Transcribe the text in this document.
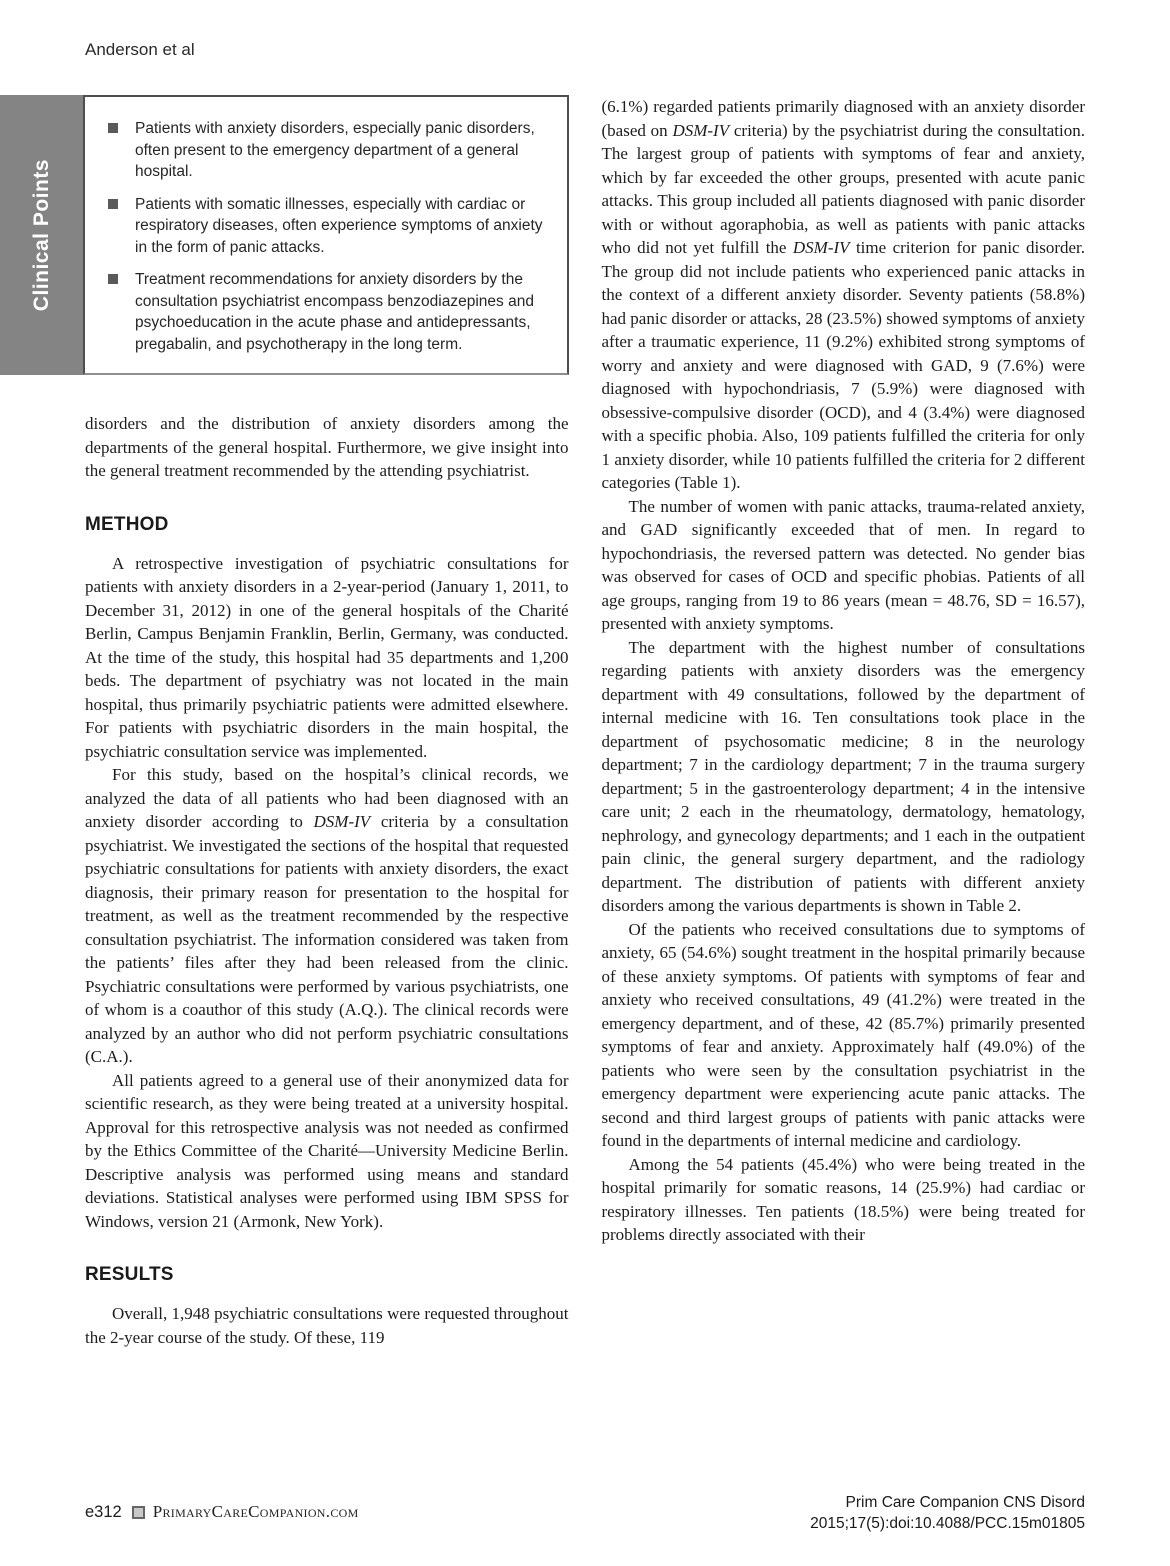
Anderson et al
Clinical Points
Patients with anxiety disorders, especially panic disorders, often present to the emergency department of a general hospital.
Patients with somatic illnesses, especially with cardiac or respiratory diseases, often experience symptoms of anxiety in the form of panic attacks.
Treatment recommendations for anxiety disorders by the consultation psychiatrist encompass benzodiazepines and psychoeducation in the acute phase and antidepressants, pregabalin, and psychotherapy in the long term.

disorders and the distribution of anxiety disorders among the departments of the general hospital. Furthermore, we give insight into the general treatment recommended by the attending psychiatrist.

METHOD

A retrospective investigation of psychiatric consultations for patients with anxiety disorders in a 2-year-period (January 1, 2011, to December 31, 2012) in one of the general hospitals of the Charité Berlin, Campus Benjamin Franklin, Berlin, Germany, was conducted. At the time of the study, this hospital had 35 departments and 1,200 beds. The department of psychiatry was not located in the main hospital, thus primarily psychiatric patients were admitted elsewhere. For patients with psychiatric disorders in the main hospital, the psychiatric consultation service was implemented.

For this study, based on the hospital’s clinical records, we analyzed the data of all patients who had been diagnosed with an anxiety disorder according to DSM-IV criteria by a consultation psychiatrist. We investigated the sections of the hospital that requested psychiatric consultations for patients with anxiety disorders, the exact diagnosis, their primary reason for presentation to the hospital for treatment, as well as the treatment recommended by the respective consultation psychiatrist. The information considered was taken from the patients’ files after they had been released from the clinic. Psychiatric consultations were performed by various psychiatrists, one of whom is a coauthor of this study (A.Q.). The clinical records were analyzed by an author who did not perform psychiatric consultations (C.A.).

All patients agreed to a general use of their anonymized data for scientific research, as they were being treated at a university hospital. Approval for this retrospective analysis was not needed as confirmed by the Ethics Committee of the Charité—University Medicine Berlin. Descriptive analysis was performed using means and standard deviations. Statistical analyses were performed using IBM SPSS for Windows, version 21 (Armonk, New York).

RESULTS

Overall, 1,948 psychiatric consultations were requested throughout the 2-year course of the study. Of these, 119

(6.1%) regarded patients primarily diagnosed with an anxiety disorder (based on DSM-IV criteria) by the psychiatrist during the consultation. The largest group of patients with symptoms of fear and anxiety, which by far exceeded the other groups, presented with acute panic attacks. This group included all patients diagnosed with panic disorder with or without agoraphobia, as well as patients with panic attacks who did not yet fulfill the DSM-IV time criterion for panic disorder. The group did not include patients who experienced panic attacks in the context of a different anxiety disorder. Seventy patients (58.8%) had panic disorder or attacks, 28 (23.5%) showed symptoms of anxiety after a traumatic experience, 11 (9.2%) exhibited strong symptoms of worry and anxiety and were diagnosed with GAD, 9 (7.6%) were diagnosed with hypochondriasis, 7 (5.9%) were diagnosed with obsessive-compulsive disorder (OCD), and 4 (3.4%) were diagnosed with a specific phobia. Also, 109 patients fulfilled the criteria for only 1 anxiety disorder, while 10 patients fulfilled the criteria for 2 different categories (Table 1).

The number of women with panic attacks, trauma-related anxiety, and GAD significantly exceeded that of men. In regard to hypochondriasis, the reversed pattern was detected. No gender bias was observed for cases of OCD and specific phobias. Patients of all age groups, ranging from 19 to 86 years (mean = 48.76, SD = 16.57), presented with anxiety symptoms.

The department with the highest number of consultations regarding patients with anxiety disorders was the emergency department with 49 consultations, followed by the department of internal medicine with 16. Ten consultations took place in the department of psychosomatic medicine; 8 in the neurology department; 7 in the cardiology department; 7 in the trauma surgery department; 5 in the gastroenterology department; 4 in the intensive care unit; 2 each in the rheumatology, dermatology, hematology, nephrology, and gynecology departments; and 1 each in the outpatient pain clinic, the general surgery department, and the radiology department. The distribution of patients with different anxiety disorders among the various departments is shown in Table 2.

Of the patients who received consultations due to symptoms of anxiety, 65 (54.6%) sought treatment in the hospital primarily because of these anxiety symptoms. Of patients with symptoms of fear and anxiety who received consultations, 49 (41.2%) were treated in the emergency department, and of these, 42 (85.7%) primarily presented symptoms of fear and anxiety. Approximately half (49.0%) of the patients who were seen by the consultation psychiatrist in the emergency department were experiencing acute panic attacks. The second and third largest groups of patients with panic attacks were found in the departments of internal medicine and cardiology.

Among the 54 patients (45.4%) who were being treated in the hospital primarily for somatic reasons, 14 (25.9%) had cardiac or respiratory illnesses. Ten patients (18.5%) were being treated for problems directly associated with their

e312 PrimaryCareCompanion.com	Prim Care Companion CNS Disord
2015;17(5):doi:10.4088/PCC.15m01805
